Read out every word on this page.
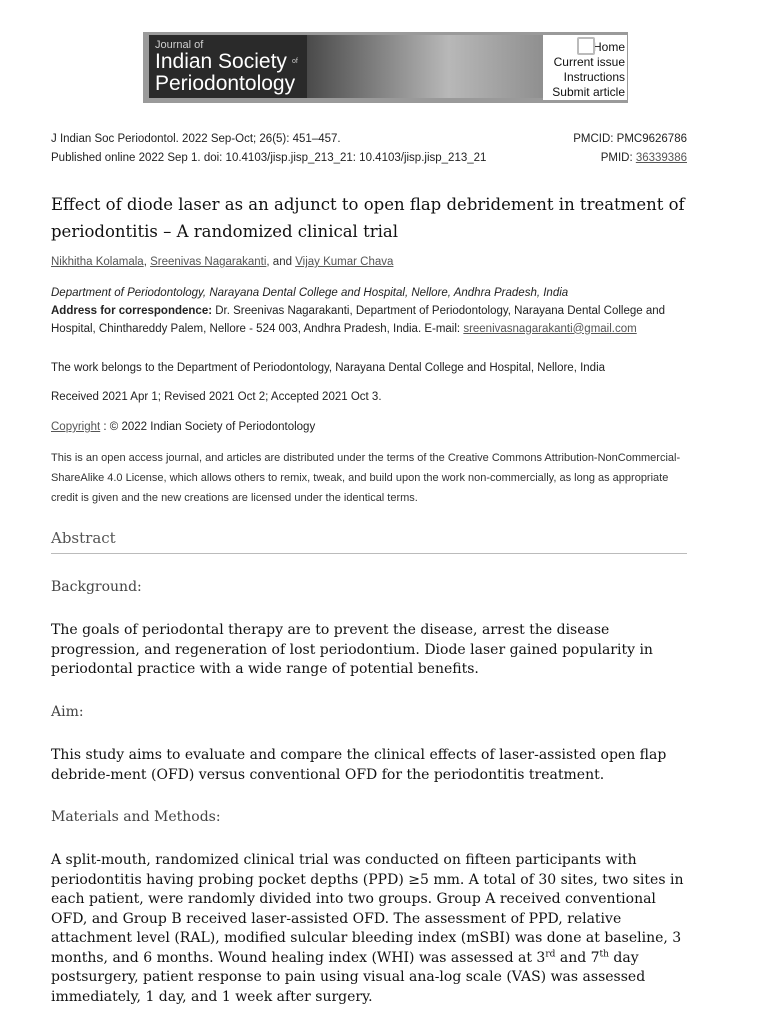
Journal of
Indian Society
Periodontology
of
Home
Current issue
Instructions
Submit article
J Indian Soc Periodontol. 2022 Sep-Oct; 26(5): 451–457.
Published online 2022 Sep 1. doi: 10.4103/jisp.jisp_213_21: 10.4103/jisp.jisp_213_21
PMCID: PMC9626786
PMID: 36339386
Effect of diode laser as an adjunct to open flap debridement in treatment of periodontitis – A randomized clinical trial
Nikhitha Kolamala, Sreenivas Nagarakanti, and Vijay Kumar Chava
Department of Periodontology, Narayana Dental College and Hospital, Nellore, Andhra Pradesh, India
Address for correspondence: Dr. Sreenivas Nagarakanti, Department of Periodontology, Narayana Dental College and Hospital, Chinthareddy Palem, Nellore - 524 003, Andhra Pradesh, India. E-mail: sreenivasnagarakanti@gmail.com
The work belongs to the Department of Periodontology, Narayana Dental College and Hospital, Nellore, India
Received 2021 Apr 1; Revised 2021 Oct 2; Accepted 2021 Oct 3.
Copyright : © 2022 Indian Society of Periodontology
This is an open access journal, and articles are distributed under the terms of the Creative Commons Attribution-NonCommercial-ShareAlike 4.0 License, which allows others to remix, tweak, and build upon the work non-commercially, as long as appropriate credit is given and the new creations are licensed under the identical terms.
Abstract
Background:
The goals of periodontal therapy are to prevent the disease, arrest the disease progression, and regeneration of lost periodontium. Diode laser gained popularity in periodontal practice with a wide range of potential benefits.
Aim:
This study aims to evaluate and compare the clinical effects of laser-assisted open flap debride-ment (OFD) versus conventional OFD for the periodontitis treatment.
Materials and Methods:
A split-mouth, randomized clinical trial was conducted on fifteen participants with periodontitis having probing pocket depths (PPD) ≥5 mm. A total of 30 sites, two sites in each patient, were randomly divided into two groups. Group A received conventional OFD, and Group B received laser-assisted OFD. The assessment of PPD, relative attachment level (RAL), modified sulcular bleeding index (mSBI) was done at baseline, 3 months, and 6 months. Wound healing index (WHI) was assessed at 3rd and 7th day postsurgery, patient response to pain using visual ana-log scale (VAS) was assessed immediately, 1 day, and 1 week after surgery.
